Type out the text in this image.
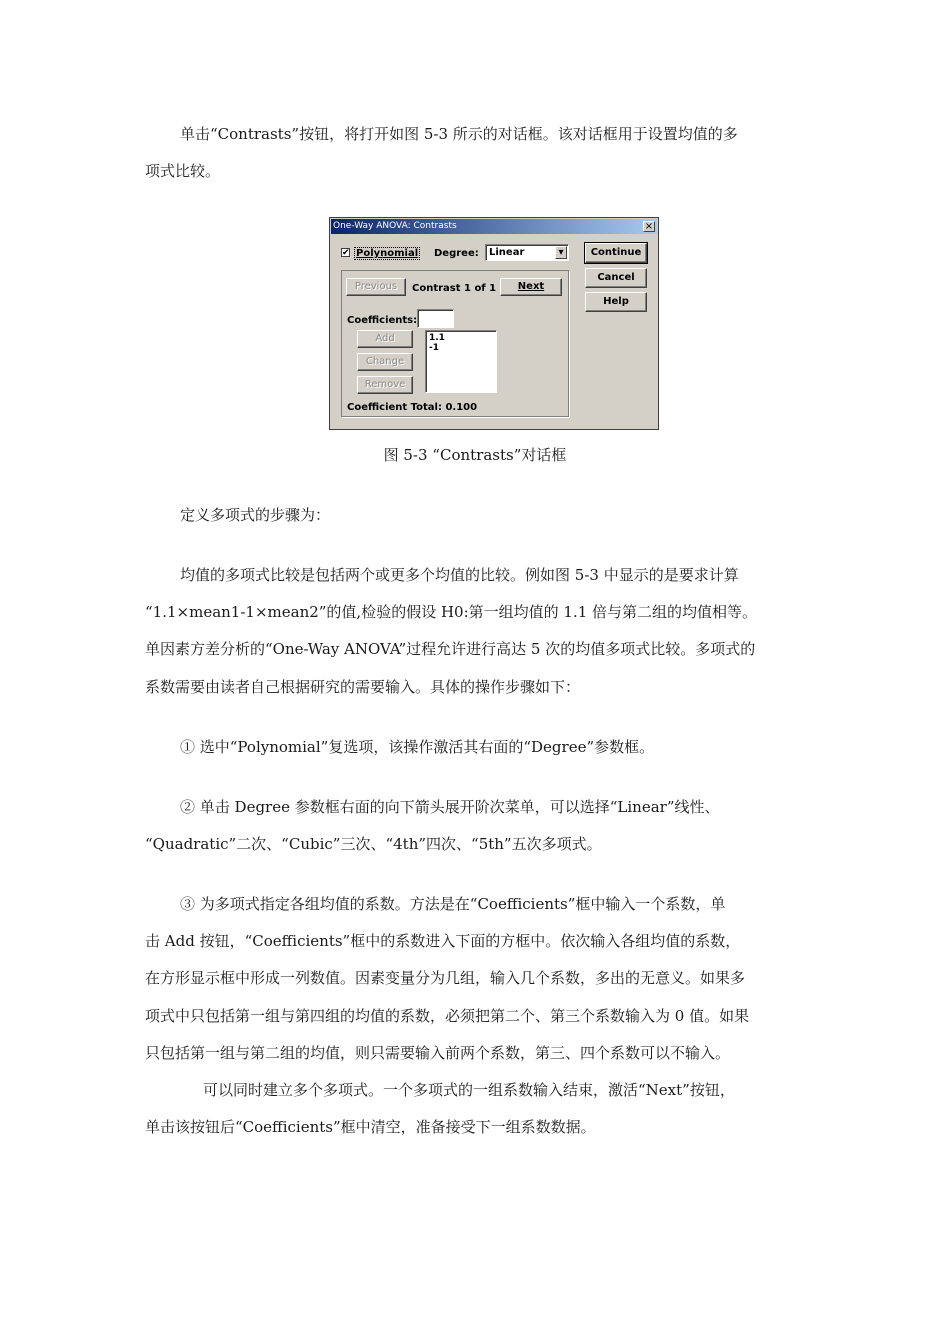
单击“Contrasts”按钮，将打开如图 5-3 所示的对话框。该对话框用于设置均值的多

项式比较。

One-Way ANOVA: Contrasts	×
✔ Polynomial Degree: Linear	▾
Previous	Contrast 1 of 1	Next
Coefficients:
Add
Change
Remove
1.1
-1
Coefficient Total: 0.100
Continue
Cancel
Help
图 5-3 “Contrasts”对话框

定义多项式的步骤为：

均值的多项式比较是包括两个或更多个均值的比较。例如图 5-3 中显示的是要求计算

“1.1×mean1-1×mean2”的值,检验的假设 H0:第一组均值的 1.1 倍与第二组的均值相等。

单因素方差分析的“One-Way ANOVA”过程允许进行高达 5 次的均值多项式比较。多项式的

系数需要由读者自己根据研究的需要输入。具体的操作步骤如下：

① 选中“Polynomial”复选项，该操作激活其右面的“Degree”参数框。

② 单击 Degree 参数框右面的向下箭头展开阶次菜单，可以选择“Linear”线性、

“Quadratic”二次、“Cubic”三次、“4th”四次、“5th”五次多项式。

③ 为多项式指定各组均值的系数。方法是在“Coefficients”框中输入一个系数，单

击 Add 按钮，“Coefficients”框中的系数进入下面的方框中。依次输入各组均值的系数，

在方形显示框中形成一列数值。因素变量分为几组，输入几个系数，多出的无意义。如果多

项式中只包括第一组与第四组的均值的系数，必须把第二个、第三个系数输入为 0 值。如果

只包括第一组与第二组的均值，则只需要输入前两个系数，第三、四个系数可以不输入。

可以同时建立多个多项式。一个多项式的一组系数输入结束，激活“Next”按钮，

单击该按钮后“Coefficients”框中清空，准备接受下一组系数数据。
